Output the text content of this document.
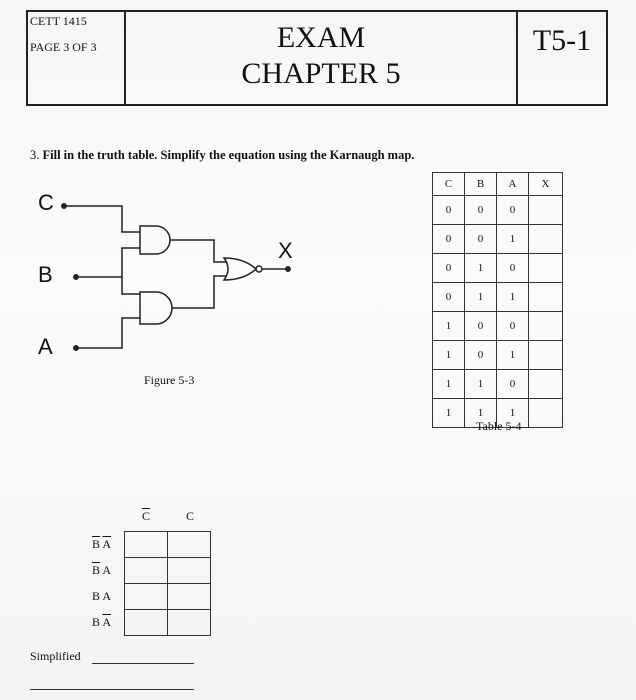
CETT 1415
PAGE 3 OF 3	EXAM
CHAPTER 5
T5-1
3. Fill in the truth table. Simplify the equation using the Karnaugh map.
C
B
A
X
Figure 5-3
C	B	A	X
0	0	0	
0	0	1	
0	1	0	
0	1	1	
1	0	0	
1	0	1	
1	1	0	
1	1	1	
Table 5-4
$\overline{C}$	C
$\overline{B}$ $\overline{A}$
$\overline{B}$ A
B A
B $\overline{A}$

Simplified
